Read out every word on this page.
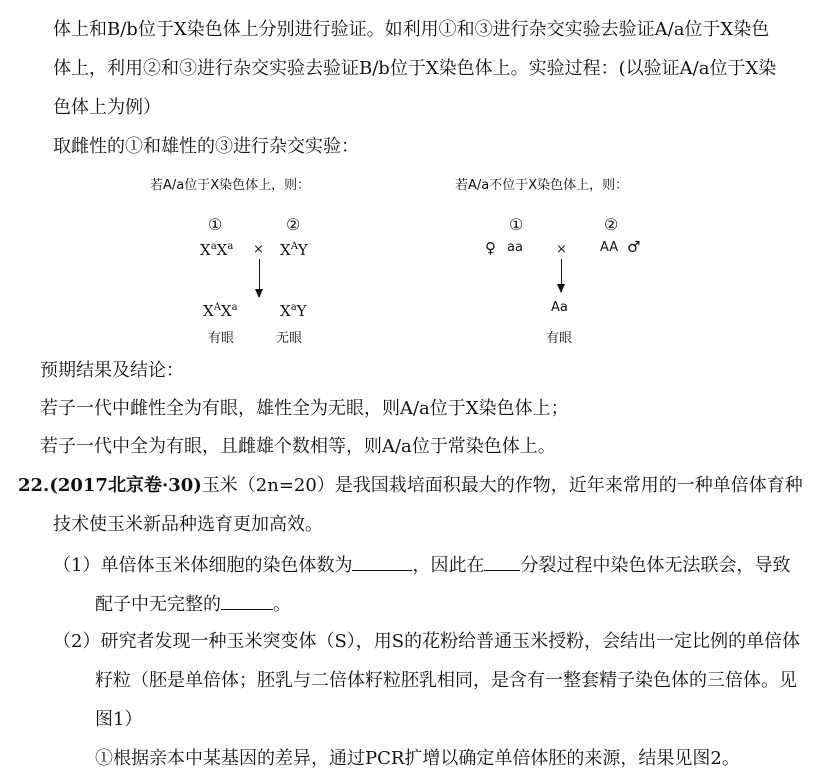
体上和B/b位于X染色体上分别进行验证。如利用①和③进行杂交实验去验证A/a位于X染色
体上，利用②和③进行杂交实验去验证B/b位于X染色体上。实验过程：(以验证A/a位于X染
色体上为例）
取雌性的①和雄性的③进行杂交实验：
若A/a位于X染色体上，则：
①	②
$X^aX^a \times X^AY$
$X^AX^a$	$X^aY$
有眼	无眼
若A/a不位于X染色体上，则：
①	②
♀ aa	×	AA ♂
Aa
有眼
预期结果及结论：
若子一代中雌性全为有眼，雄性全为无眼，则A/a位于X染色体上；
若子一代中全为有眼，且雌雄个数相等，则A/a位于常染色体上。
22.(2017北京卷·30)玉米（2n=20）是我国栽培面积最大的作物，近年来常用的一种单倍体育种
技术使玉米新品种选育更加高效。
（1）单倍体玉米体细胞的染色体数为	，因此在 分裂过程中染色体无法联会，导致
配子中无完整的	。
（2）研究者发现一种玉米突变体（S），用S的花粉给普通玉米授粉，会结出一定比例的单倍体
籽粒（胚是单倍体；胚乳与二倍体籽粒胚乳相同，是含有一整套精子染色体的三倍体。见
图1）
①根据亲本中某基因的差异，通过PCR扩增以确定单倍体胚的来源，结果见图2。
